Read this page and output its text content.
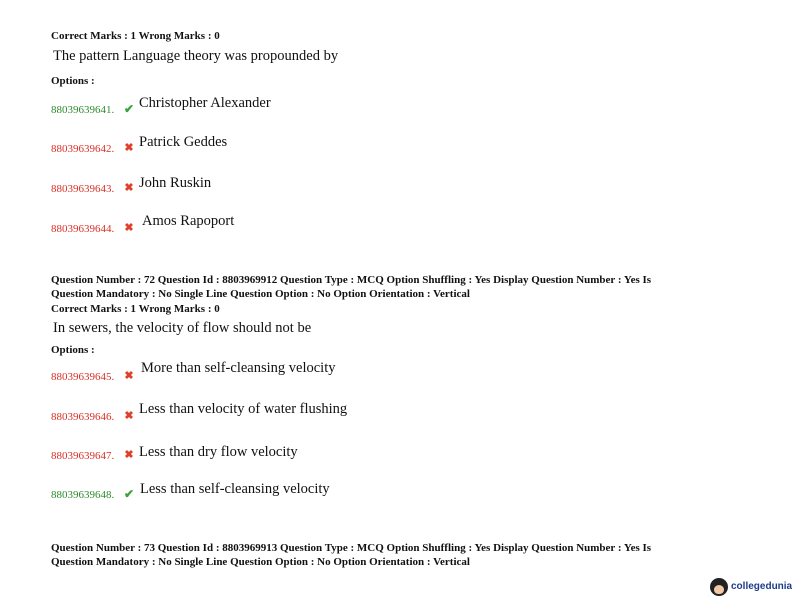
Correct Marks : 1 Wrong Marks : 0
The pattern Language theory was propounded by
Options :
88039639641. ✔ Christopher Alexander
88039639642. ✖ Patrick Geddes
88039639643. ✖ John Ruskin
88039639644. ✖ Amos Rapoport
Question Number : 72 Question Id : 8803969912 Question Type : MCQ Option Shuffling : Yes Display Question Number : Yes Is
Question Mandatory : No Single Line Question Option : No Option Orientation : Vertical
Correct Marks : 1 Wrong Marks : 0
In sewers, the velocity of flow should not be
Options :
88039639645. ✖ More than self-cleansing velocity
88039639646. ✖ Less than velocity of water flushing
88039639647. ✖ Less than dry flow velocity
88039639648. ✔ Less than self-cleansing velocity
Question Number : 73 Question Id : 8803969913 Question Type : MCQ Option Shuffling : Yes Display Question Number : Yes Is
Question Mandatory : No Single Line Question Option : No Option Orientation : Vertical
collegedunia
